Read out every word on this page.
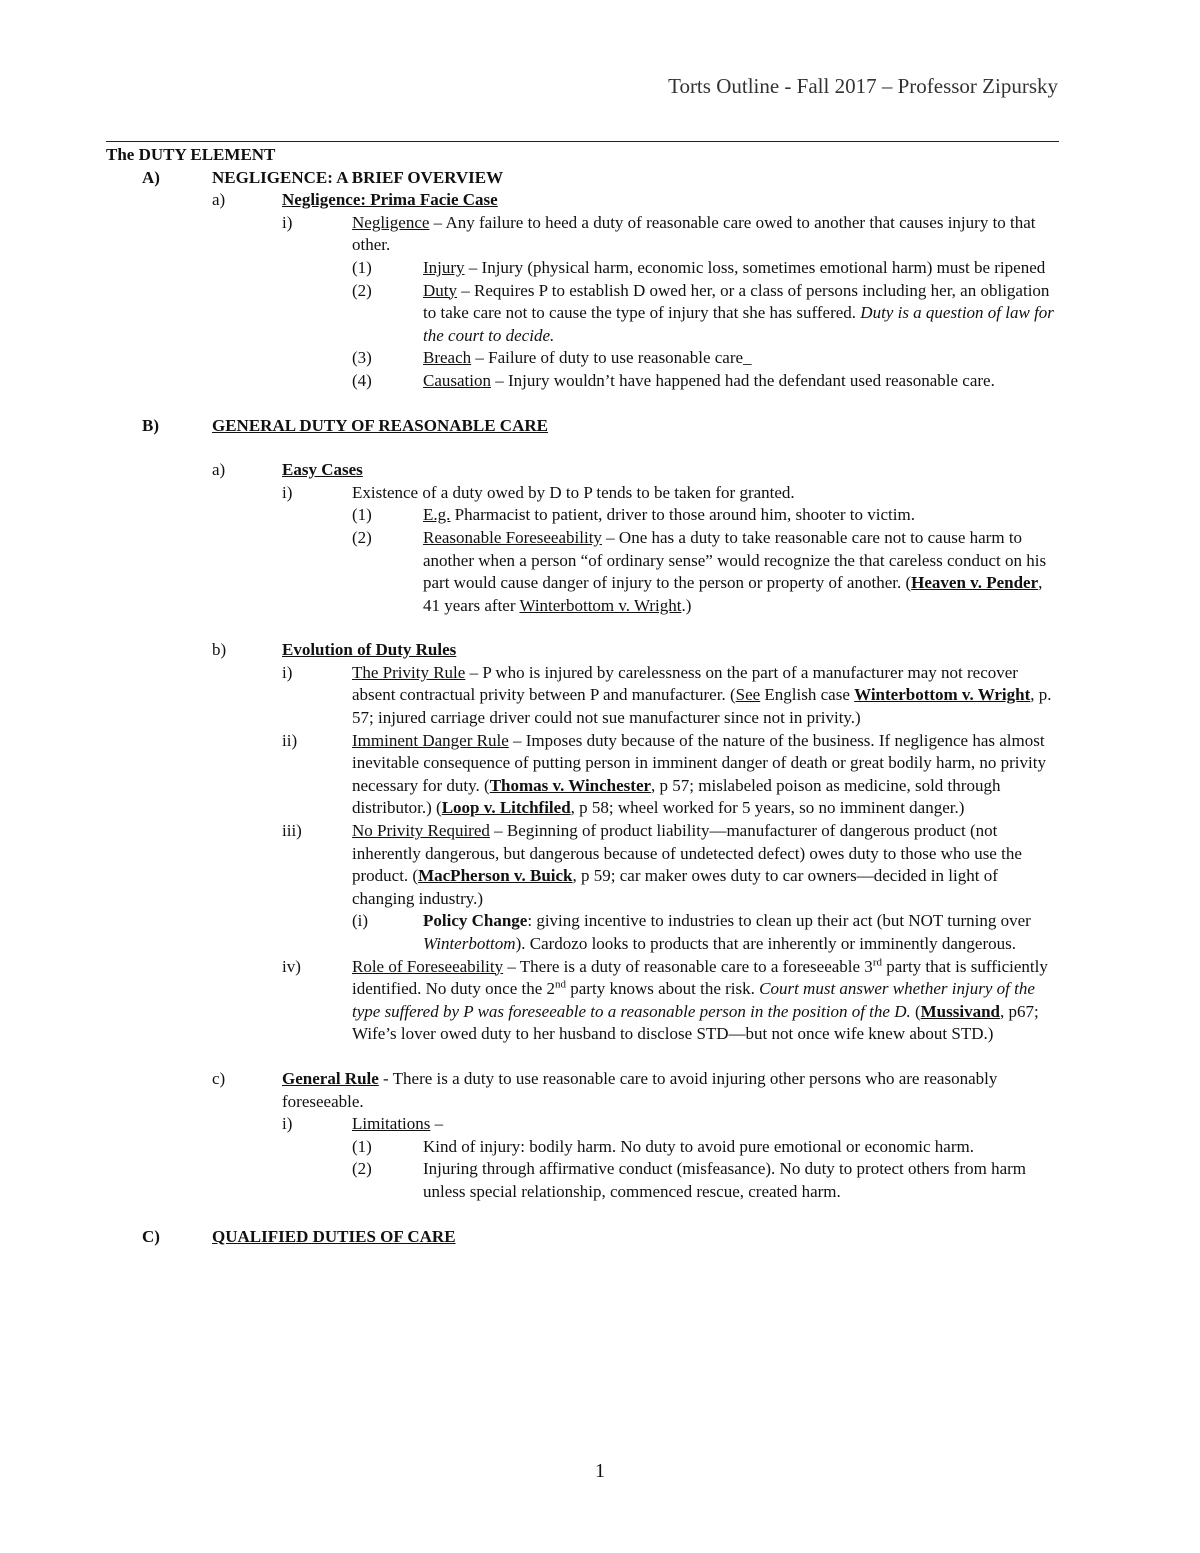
Torts Outline - Fall 2017 – Professor Zipursky
The DUTY ELEMENT
A)	NEGLIGENCE: A BRIEF OVERVIEW
a)	Negligence: Prima Facie Case
i)	Negligence – Any failure to heed a duty of reasonable care owed to another that causes injury to that other.
(1)	Injury – Injury (physical harm, economic loss, sometimes emotional harm) must be ripened
(2)	Duty – Requires P to establish D owed her, or a class of persons including her, an obligation to take care not to cause the type of injury that she has suffered. Duty is a question of law for the court to decide.
(3)	Breach – Failure of duty to use reasonable care_
(4)	Causation – Injury wouldn’t have happened had the defendant used reasonable care.
B)	GENERAL DUTY OF REASONABLE CARE
a)	Easy Cases
i)	Existence of a duty owed by D to P tends to be taken for granted.
(1)	E.g. Pharmacist to patient, driver to those around him, shooter to victim.
(2)	Reasonable Foreseeability – One has a duty to take reasonable care not to cause harm to another when a person “of ordinary sense” would recognize the that careless conduct on his part would cause danger of injury to the person or property of another. (Heaven v. Pender, 41 years after Winterbottom v. Wright.)
b)	Evolution of Duty Rules
i)	The Privity Rule – P who is injured by carelessness on the part of a manufacturer may not recover absent contractual privity between P and manufacturer. (See English case Winterbottom v. Wright, p. 57; injured carriage driver could not sue manufacturer since not in privity.)
ii)	Imminent Danger Rule – Imposes duty because of the nature of the business. If negligence has almost inevitable consequence of putting person in imminent danger of death or great bodily harm, no privity necessary for duty. (Thomas v. Winchester, p 57; mislabeled poison as medicine, sold through distributor.) (Loop v. Litchfiled, p 58; wheel worked for 5 years, so no imminent danger.)
iii)	No Privity Required – Beginning of product liability—manufacturer of dangerous product (not inherently dangerous, but dangerous because of undetected defect) owes duty to those who use the product. (MacPherson v. Buick, p 59; car maker owes duty to car owners—decided in light of changing industry.)
(i)	Policy Change: giving incentive to industries to clean up their act (but NOT turning over Winterbottom). Cardozo looks to products that are inherently or imminently dangerous.
iv)	Role of Foreseeability – There is a duty of reasonable care to a foreseeable 3rd party that is sufficiently identified. No duty once the 2nd party knows about the risk. Court must answer whether injury of the type suffered by P was foreseeable to a reasonable person in the position of the D. (Mussivand, p67; Wife’s lover owed duty to her husband to disclose STD—but not once wife knew about STD.)
c)	General Rule - There is a duty to use reasonable care to avoid injuring other persons who are reasonably foreseeable.
i)	Limitations –
(1)	Kind of injury: bodily harm. No duty to avoid pure emotional or economic harm.
(2)	Injuring through affirmative conduct (misfeasance). No duty to protect others from harm unless special relationship, commenced rescue, created harm.
C)	QUALIFIED DUTIES OF CARE
1
